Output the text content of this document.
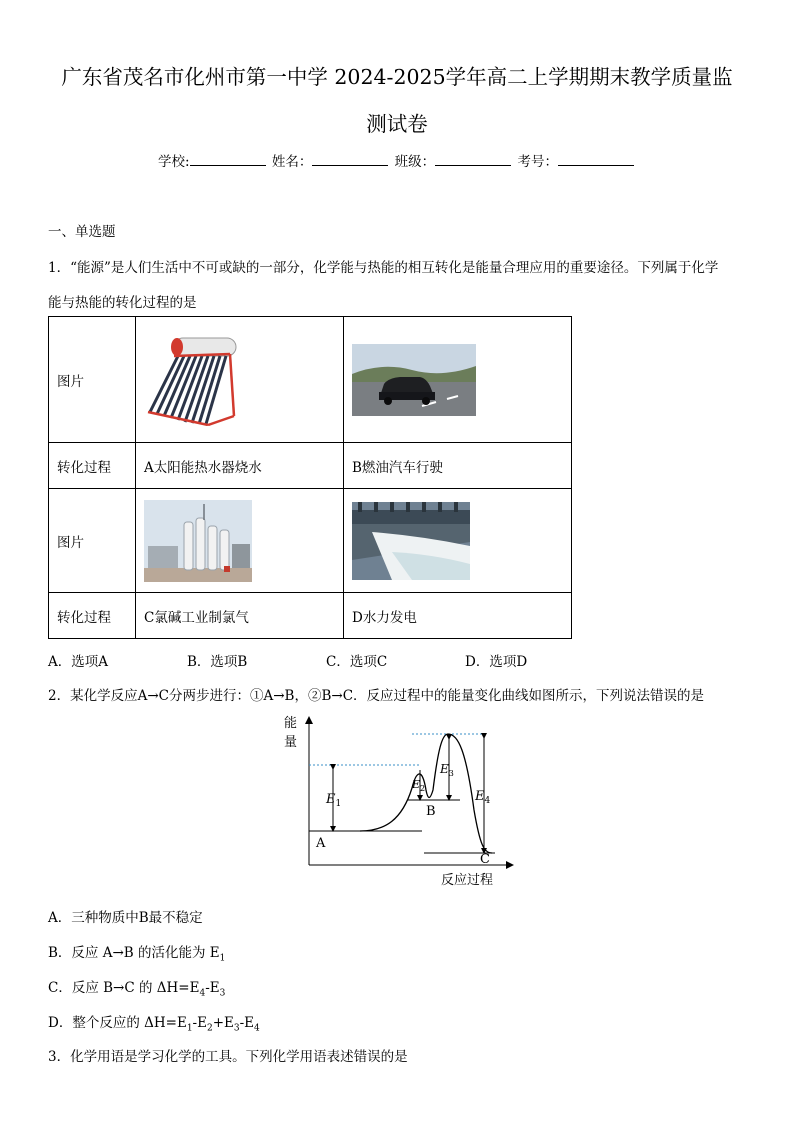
广东省茂名市化州市第一中学 2024-2025学年高二上学期期末教学质量监
测试卷
学校:	姓名：	班级：	考号：
一、单选题
1．“能源”是人们生活中不可或缺的一部分，化学能与热能的相互转化是能量合理应用的重要途径。下列属于化学
能与热能的转化过程的是
图片	

转化过程	A太阳能热水器烧水	B燃油汽车行驶
图片	

转化过程	C氯碱工业制氯气	D水力发电
A．选项A	B．选项B	C．选项C	D．选项D
2．某化学反应A→C分两步进行：①A→B，②B→C．反应过程中的能量变化曲线如图所示，下列说法错误的是
能
量
反应过程
$E_1$
$E_2$
$E_3$
$E_4$
A
B
C
A．三种物质中B最不稳定
B．反应 A→B 的活化能为 $E_1$
C．反应 B→C 的 $\Delta H=E_4-E_3$
D．整个反应的 $\Delta H=E_1-E_2+E_3-E_4$
3．化学用语是学习化学的工具。下列化学用语表述错误的是
